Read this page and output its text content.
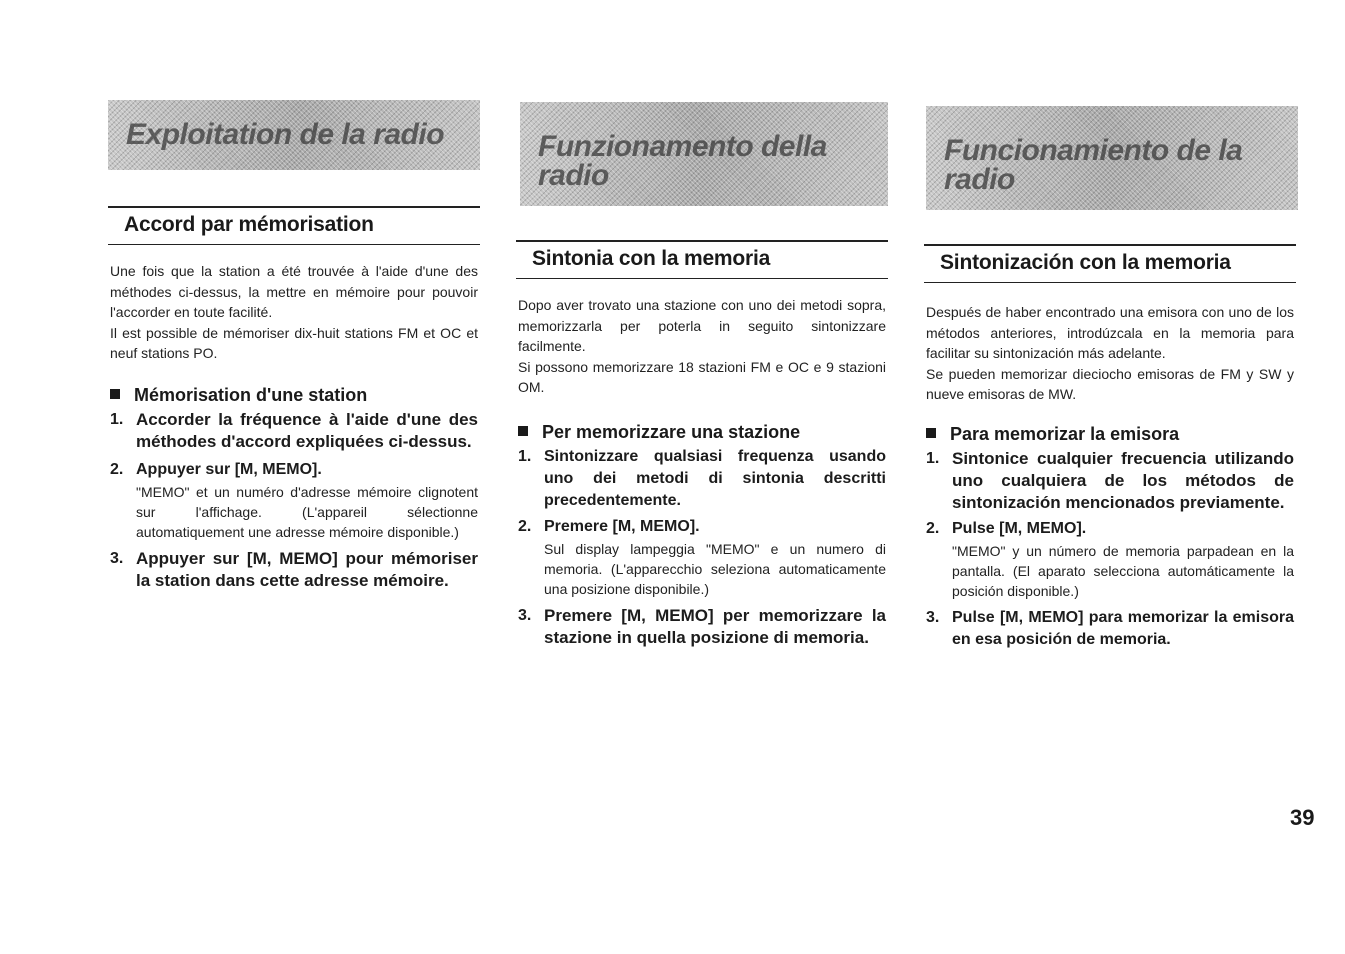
Exploitation de la radio
Accord par mémorisation

Une fois que la station a été trouvée à l'aide d'une des méthodes ci-dessus, la mettre en mémoire pour pouvoir l'accorder en toute facilité.

Il est possible de mémoriser dix-huit stations FM et OC et neuf stations PO.

Mémorisation d'une station
1. Accorder la fréquence à l'aide d'une des méthodes d'accord expliquées ci-dessus.

2. Appuyer sur [M, MEMO].

"MEMO" et un numéro d'adresse mémoire clignotent sur l'affichage. (L'appareil sélectionne automatiquement une adresse mémoire disponible.)

3. Appuyer sur [M, MEMO] pour mémoriser la station dans cette adresse mémoire.

Funzionamento della radio
Sintonia con la memoria

Dopo aver trovato una stazione con uno dei metodi sopra, memorizzarla per poterla in seguito sintonizzare facilmente.

Si possono memorizzare 18 stazioni FM e OC e 9 stazioni OM.

Per memorizzare una stazione
1. Sintonizzare qualsiasi frequenza usando uno dei metodi di sintonia descritti precedentemente.

2. Premere [M, MEMO].

Sul display lampeggia "MEMO" e un numero di memoria. (L'apparecchio seleziona automaticamente una posizione disponibile.)

3. Premere [M, MEMO] per memorizzare la stazione in quella posizione di memoria.

Funcionamiento de la radio
Sintonización con la memoria

Después de haber encontrado una emisora con uno de los métodos anteriores, introdúzcala en la memoria para facilitar su sintonización más adelante.

Se pueden memorizar dieciocho emisoras de FM y SW y nueve emisoras de MW.

Para memorizar la emisora
1. Sintonice cualquier frecuencia utilizando uno cualquiera de los métodos de sintonización mencionados previamente.

2. Pulse [M, MEMO].

"MEMO" y un número de memoria parpadean en la pantalla. (El aparato selecciona automáticamente la posición disponible.)

3. Pulse [M, MEMO] para memorizar la emisora en esa posición de memoria.

39
